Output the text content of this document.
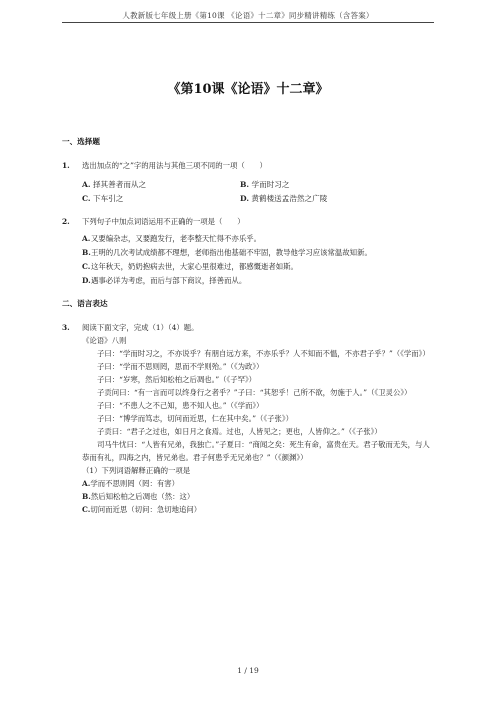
人教新版七年级上册《第10课 《论语》十二章》同步精讲精练（含答案）
《第10课《论语》十二章》
一、选择题
1.	选出加点的“之”字的用法与其他三项不同的一项（　　）
A. 择其善者而从之	B. 学而时习之
C. 下车引之	D. 黄鹤楼送孟浩然之广陵
2.	下列句子中加点词语运用不正确的一项是（　　）
A. 又要编杂志，又要跑发行，老李整天忙得不亦乐乎。
B. 王明的几次考试成绩都不理想，老师指出他基础不牢固，教导他学习应该常温故知新。
C. 这年秋天，奶奶抱病去世，大家心里很难过，都感慨逝者如斯。
D. 遇事必详为考虑，而后与部下商议，择善而从。
二、语言表达
3.	阅读下面文字，完成（1）（4）题。
《论语》八则
子曰：“学而时习之，不亦说乎？有朋自远方来，不亦乐乎？人不知而不愠，不亦君子乎？”（《学而》）
子曰：“学而不思则罔，思而不学则殆。”（《为政》）
子曰：“岁寒，然后知松柏之后凋也。”（《子罕》）
子贡问曰：“有一言而可以终身行之者乎？”子曰：“其恕乎！己所不欲，勿施于人。”（《卫灵公》）
子曰：“不患人之不己知，患不知人也。”（《学而》）
子曰：“博学而笃志，切问而近思，仁在其中矣。”（《子张》）
子贡曰：“君子之过也，如日月之食焉。过也，人皆见之；更也，人皆仰之。”（《子张》）
司马牛忧曰：“人皆有兄弟，我独亡。”子夏曰：“商闻之矣：死生有命，富贵在天。君子敬而无失，与人恭而有礼，四海之内，皆兄弟也。君子何患乎无兄弟也？”（《颜渊》）
（1）下列词语解释正确的一项是
A.学而不思则罔（罔：有害）
B.然后知松柏之后凋也（然：这）
C.切问而近思（切问：急切地追问）
1 / 19
